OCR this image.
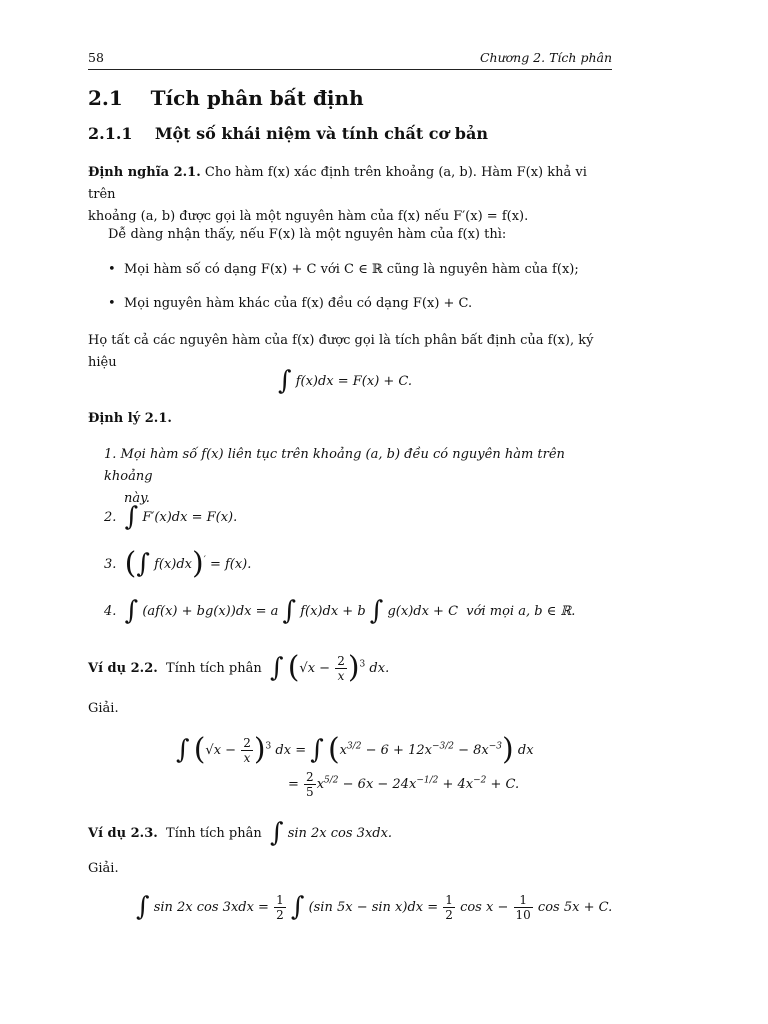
58	Chương 2. Tích phân
2.1 Tích phân bất định
2.1.1 Một số khái niệm và tính chất cơ bản
Định nghĩa 2.1. Cho hàm f(x) xác định trên khoảng (a, b). Hàm F(x) khả vi trên
khoảng (a, b) được gọi là một nguyên hàm của f(x) nếu F′(x) = f(x).
Dễ dàng nhận thấy, nếu F(x) là một nguyên hàm của f(x) thì:
• Mọi hàm số có dạng F(x) + C với C ∈ ℝ cũng là nguyên hàm của f(x);
• Mọi nguyên hàm khác của f(x) đều có dạng F(x) + C.
Họ tất cả các nguyên hàm của f(x) được gọi là tích phân bất định của f(x), ký hiệu
∫ f(x)dx = F(x) + C.
Định lý 2.1.
1. Mọi hàm số f(x) liên tục trên khoảng (a, b) đều có nguyên hàm trên khoảng
này.
2. ∫ F′(x)dx = F(x).
3. (∫ f(x)dx)′ = f(x).
4. ∫ (af(x) + bg(x))dx = a ∫ f(x)dx + b ∫ g(x)dx + C với mọi a, b ∈ ℝ.
Ví dụ 2.2. Tính tích phân ∫ $(√x - \frac{2}{x} )^3$ dx.
Giải.
∫ $(√x - \frac{2}{x} )^3$ dx = ∫ $(x^{3/2} - 6 + 12x^{-3/2} - 8x^{-3})$ dx
= $\frac{2}{5} x^{5/2} - 6x - 24x^{-1/2} + 4x^{-2} + C$.
Ví dụ 2.3. Tính tích phân ∫ sin 2x cos 3xdx.
Giải.
∫ sin 2x $\cos 3xdx = \frac{1}{2}$ ∫ (sin $5x - \sin x)dx = \frac{1}{2}$ $\cos x - \frac{1}{10}$ cos 5x + C.
